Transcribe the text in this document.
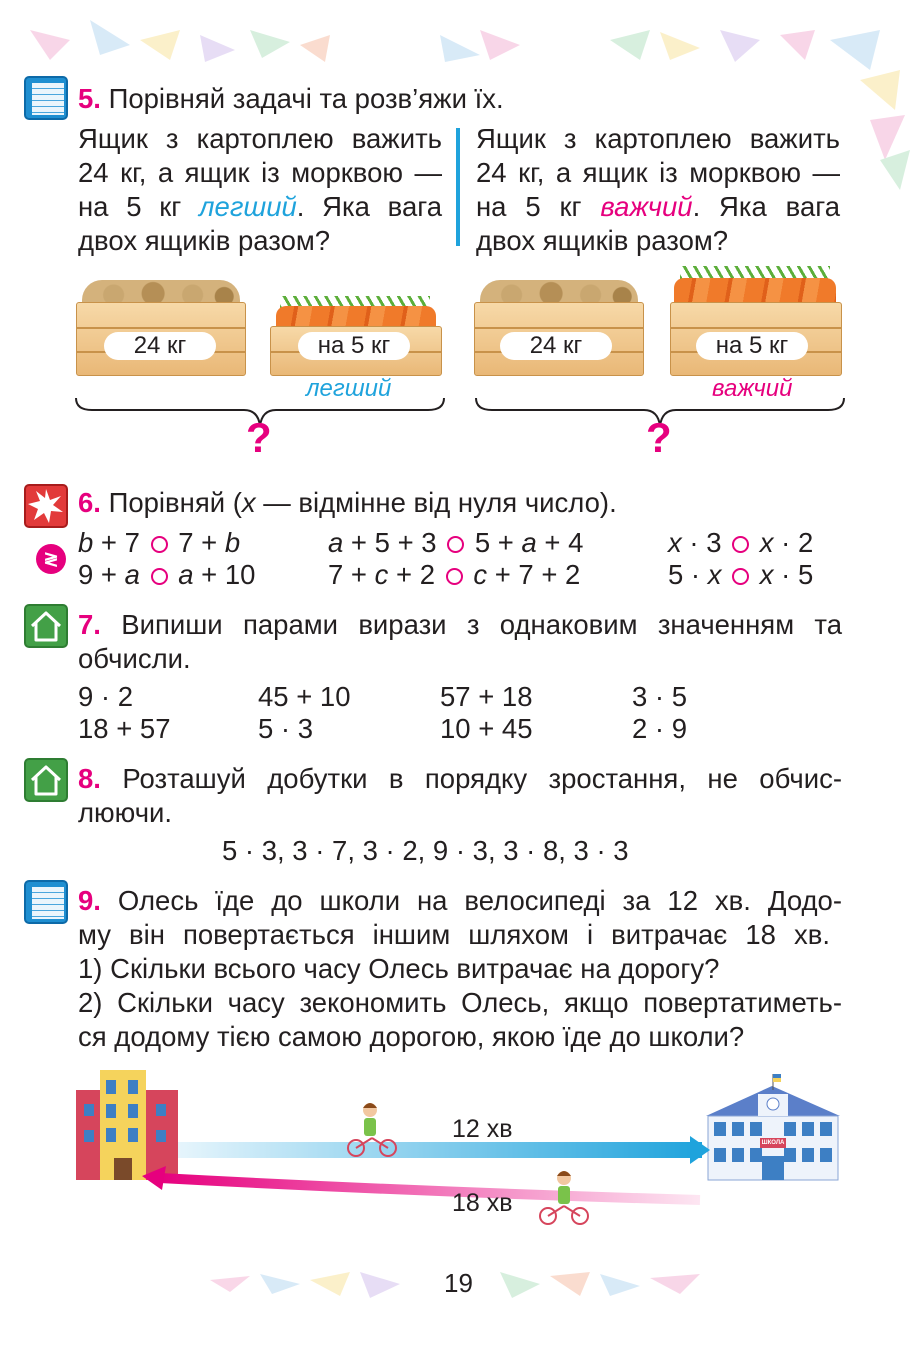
5. Порівняй задачі та розв’яжи їх.
Ящик з картоплею важить
24 кг, а ящик із морквою —
на 5 кг легший. Яка вага
двох ящиків разом?
Ящик з картоплею важить
24 кг, а ящик із морквою —
на 5 кг важчий. Яка вага
двох ящиків разом?
24 кг	на 5 кг
легший
?
24 кг	на 5 кг
важчий
?
6. Порівняй (x — відмінне від нуля число).
≷
b + 7  7 + b	a + 5 + 3  5 + a + 4	x · 3  x · 2
9 + a a + 10	7 + c + 2  c + 7 + 2	5 · x x · 5
7. Випиши парами вирази з однаковим значенням та
обчисли.
9 · 2	45 + 10	57 + 18	3 · 5
18 + 57	5 · 3	10 + 45	2 · 9
8. Розташуй добутки в порядку зростання, не обчис-
люючи.
5 · 3, 3 · 7, 3 · 2, 9 · 3, 3 · 8, 3 · 3
9. Олесь їде до школи на велосипеді за 12 хв. Додо-
му він повертається іншим шляхом і витрачає 18 хв.
1) Скільки всього часу Олесь витрачає на дорогу?
2) Скільки часу зекономить Олесь, якщо повертатиметь-
ся додому тією самою дорогою, якою їде до школи?
12 хв
18 хв
ШКОЛА
19
